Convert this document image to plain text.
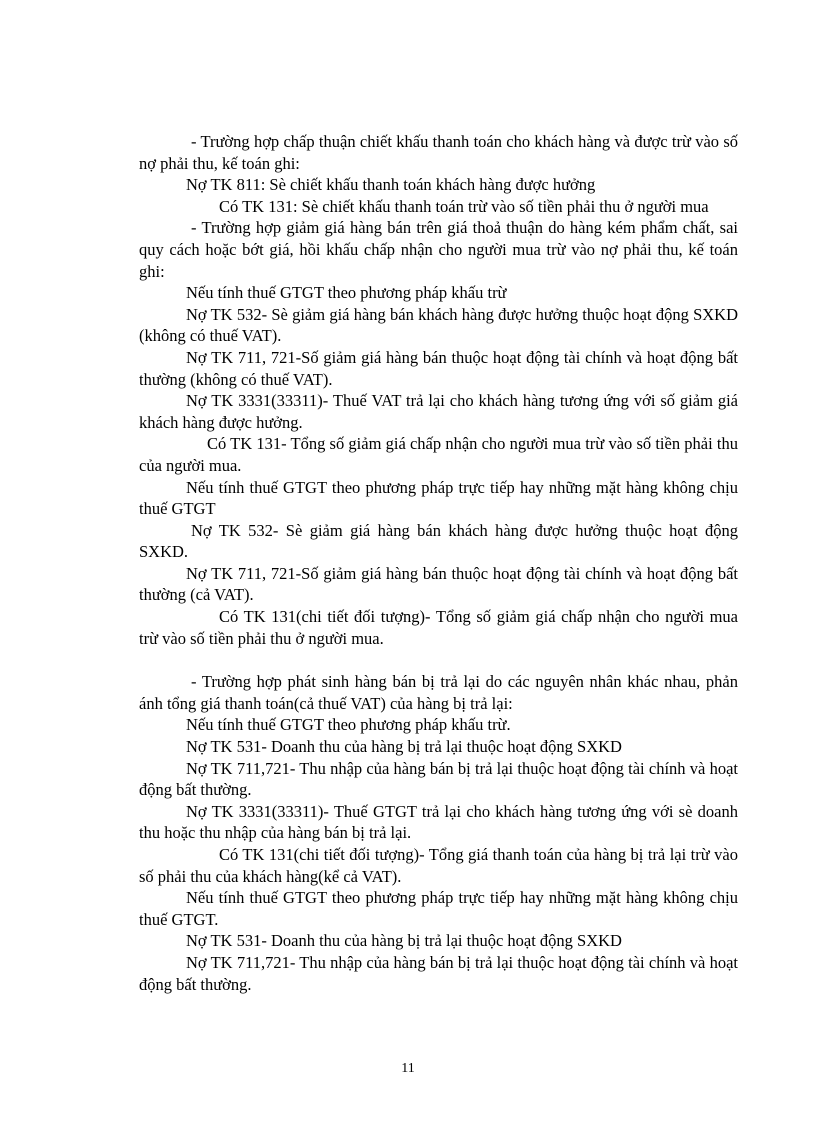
- Trường hợp chấp thuận chiết khấu thanh toán cho khách hàng và được trừ vào số nợ phải thu, kế toán ghi:

Nợ TK 811: Sè chiết khấu thanh toán khách hàng được hưởng

Có TK 131: Sè chiết khấu thanh toán trừ vào số tiền phải thu ở người mua

- Trường hợp giảm giá hàng bán trên giá thoả thuận do hàng kém phẩm chất, sai quy cách hoặc bớt giá, hồi khấu chấp nhận cho người mua trừ vào nợ phải thu, kế toán ghi:

Nếu tính thuế GTGT theo phương pháp khấu trừ

Nợ TK 532- Sè giảm giá hàng bán khách hàng được hưởng thuộc hoạt động SXKD (không có thuế VAT).

Nợ TK 711, 721-Số giảm giá hàng bán thuộc hoạt động tài chính và hoạt động bất thường (không có thuế VAT).

Nợ TK 3331(33311)- Thuế VAT trả lại cho khách hàng tương ứng với số giảm giá khách hàng được hưởng.

Có TK 131- Tổng số giảm giá chấp nhận cho người mua trừ vào số tiền phải thu của người mua.

Nếu tính thuế GTGT theo phương pháp trực tiếp hay những mặt hàng không chịu thuế GTGT

Nợ TK 532- Sè giảm giá hàng bán khách hàng được hưởng thuộc hoạt động SXKD.

Nợ TK 711, 721-Số giảm giá hàng bán thuộc hoạt động tài chính và hoạt động bất thường (cả VAT).

Có TK 131(chi tiết đối tượng)- Tổng số giảm giá chấp nhận cho người mua trừ vào số tiền phải thu ở người mua.

- Trường hợp phát sinh hàng bán bị trả lại do các nguyên nhân khác nhau, phản ánh tổng giá thanh toán(cả thuế VAT) của hàng bị trả lại:

Nếu tính thuế GTGT theo phương pháp khấu trừ.

Nợ TK 531- Doanh thu của hàng bị trả lại thuộc hoạt động SXKD

Nợ TK 711,721- Thu nhập của hàng bán bị trả lại thuộc hoạt động tài chính và hoạt động bất thường.

Nợ TK 3331(33311)- Thuế GTGT trả lại cho khách hàng tương ứng với sè doanh thu hoặc thu nhập của hàng bán bị trả lại.

Có TK 131(chi tiết đối tượng)- Tổng giá thanh toán của hàng bị trả lại trừ vào số phải thu của khách hàng(kể cả VAT).

Nếu tính thuế GTGT theo phương pháp trực tiếp hay những mặt hàng không chịu thuế GTGT.

Nợ TK 531- Doanh thu của hàng bị trả lại thuộc hoạt động SXKD

Nợ TK 711,721- Thu nhập của hàng bán bị trả lại thuộc hoạt động tài chính và hoạt động bất thường.

11
